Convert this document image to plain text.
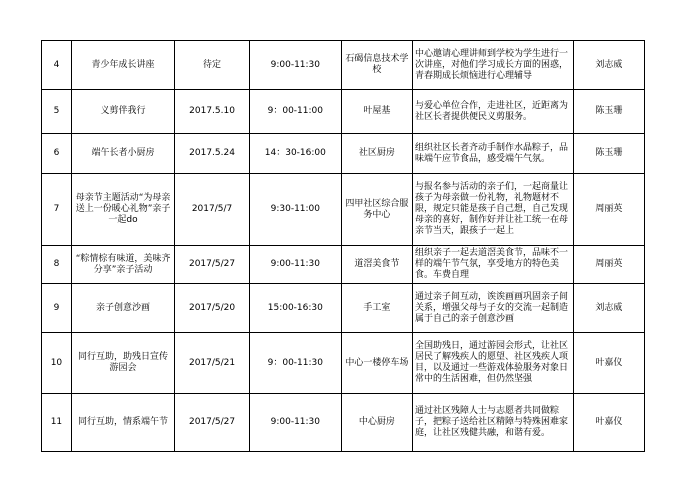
4	青少年成长讲座	待定	9:00-11:30	石碣信息技术学校	中心邀请心理讲师到学校为学生进行一次讲座，对他们学习成长方面的困惑，青春期成长烦恼进行心理辅导	刘志威
5	义剪伴我行	2017.5.10	9：00-11:00	叶屋基	与爱心单位合作，走进社区，近距离为社区长者提供便民义剪服务。	陈玉珊
6	端午长者小厨房	2017.5.24	14：30-16:00	社区厨房	组织社区长者齐动手制作水晶粽子，品味端午应节食品，感受端午气氛。	陈玉珊
7	母亲节主题活动“为母亲送上一份暖心礼物”亲子一起do	2017/5/7	9:30-11:00	四甲社区综合服务中心	与报名参与活动的亲子们，一起商量让孩子为母亲做一份礼物，礼物题材不限，规定只能是孩子自己想，自己发现母亲的喜好，制作好并让社工统一在母亲节当天，跟孩子一起上	周丽英
8	“粽情棕有味道，美味齐分享”亲子活动	2017/5/27	9:00-11:30	道滘美食节	组织亲子一起去道滘美食节，品味不一样的端午节气氛，享受地方的特色美食。车费自理	周丽英
9	亲子创意沙画	2017/5/20	15:00-16:30	手工室	通过亲子间互动，诶诶画画巩固亲子间关系，增强父母与子女的交流一起制造属于自己的亲子创意沙画	刘志威
10	同行互助，助残日宣传游园会	2017/5/21	9：00-11:30	中心一楼停车场	全国助残日，通过游园会形式，让社区居民了解残疾人的愿望、社区残疾人项目，以及通过一些游戏体验服务对象日常中的生活困难，但仍然坚强	叶嘉仪
11	同行互助，情系端午节	2017/5/27	9:00-11:30	中心厨房	通过社区残障人士与志愿者共同做粽子，把粽子送给社区精障与特殊困难家庭，让社区残健共融，和谐有爱。	叶嘉仪
